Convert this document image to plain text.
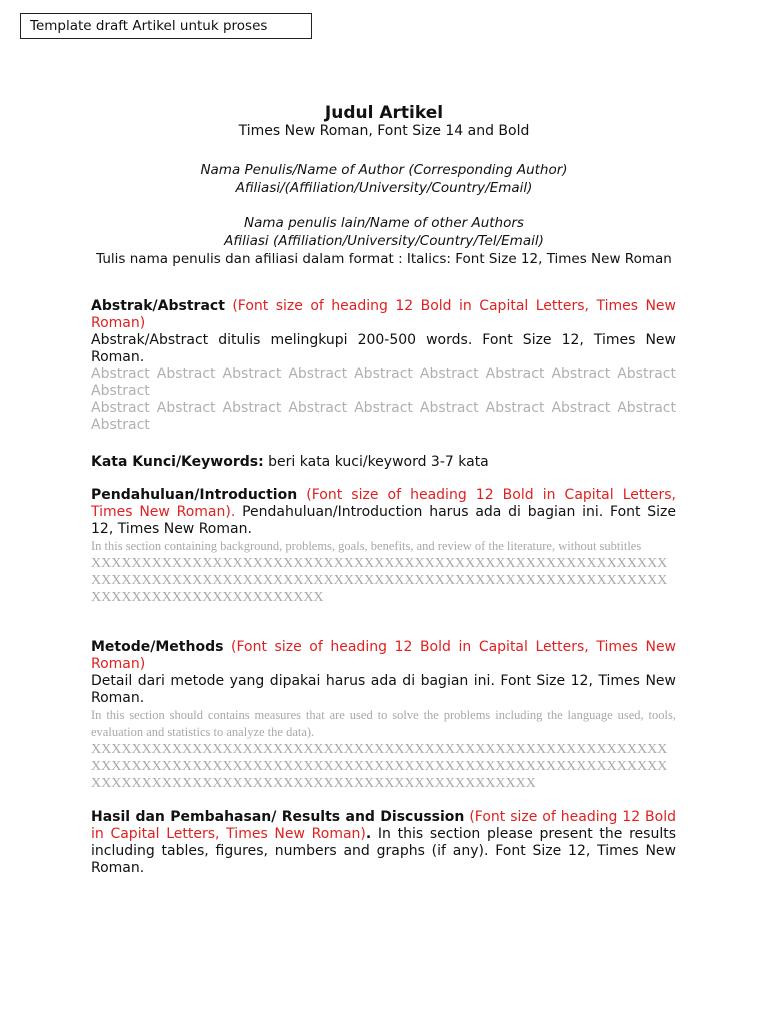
Template draft Artikel untuk proses
Judul Artikel
Times New Roman, Font Size 14 and Bold
Nama Penulis/Name of Author (Corresponding Author)
Afiliasi/(Affiliation/University/Country/Email)
Nama penulis lain/Name of other Authors
Afiliasi (Affiliation/University/Country/Tel/Email)
Tulis nama penulis dan afiliasi dalam format : Italics: Font Size 12, Times New Roman
Abstrak/Abstract (Font size of heading 12 Bold in Capital Letters, Times New Roman)
Abstrak/Abstract ditulis melingkupi 200-500 words. Font Size 12, Times New Roman.
Abstract Abstract Abstract Abstract Abstract Abstract Abstract Abstract Abstract Abstract
Abstract Abstract Abstract Abstract Abstract Abstract Abstract Abstract Abstract Abstract
Kata Kunci/Keywords: beri kata kuci/keyword 3-7 kata
Pendahuluan/Introduction (Font size of heading 12 Bold in Capital Letters, Times New Roman). Pendahuluan/Introduction harus ada di bagian ini. Font Size 12, Times New Roman.
In this section containing background, problems, goals, benefits, and review of the literature, without subtitles
XXXXXXXXXXXXXXXXXXXXXXXXXXXXXXXXXXXXXXXXXXXXXXXXXXXXXXXXXXXXXXXXXXXXXXXXXXXXXXXXXXXXXXXXXXXXXXXXXXXXXXXXXXXXXXXXXXXXXXXXXXXXXXXXXXXXXXXXX
Metode/Methods (Font size of heading 12 Bold in Capital Letters, Times New Roman)
Detail dari metode yang dipakai harus ada di bagian ini. Font Size 12, Times New Roman.
In this section should contains measures that are used to solve the problems including the language used, tools, evaluation and statistics to analyze the data).
XXXXXXXXXXXXXXXXXXXXXXXXXXXXXXXXXXXXXXXXXXXXXXXXXXXXXXXXXXXXXXXXXXXXXXXXXXXXXXXXXXXXXXXXXXXXXXXXXXXXXXXXXXXXXXXXXXXXXXXXXXXXXXXXXXXXXXXXXXXXXXXXXXXXXXXXXXXXXX
Hasil dan Pembahasan/ Results and Discussion (Font size of heading 12 Bold in Capital Letters, Times New Roman). In this section please present the results including tables, figures, numbers and graphs (if any). Font Size 12, Times New Roman.
